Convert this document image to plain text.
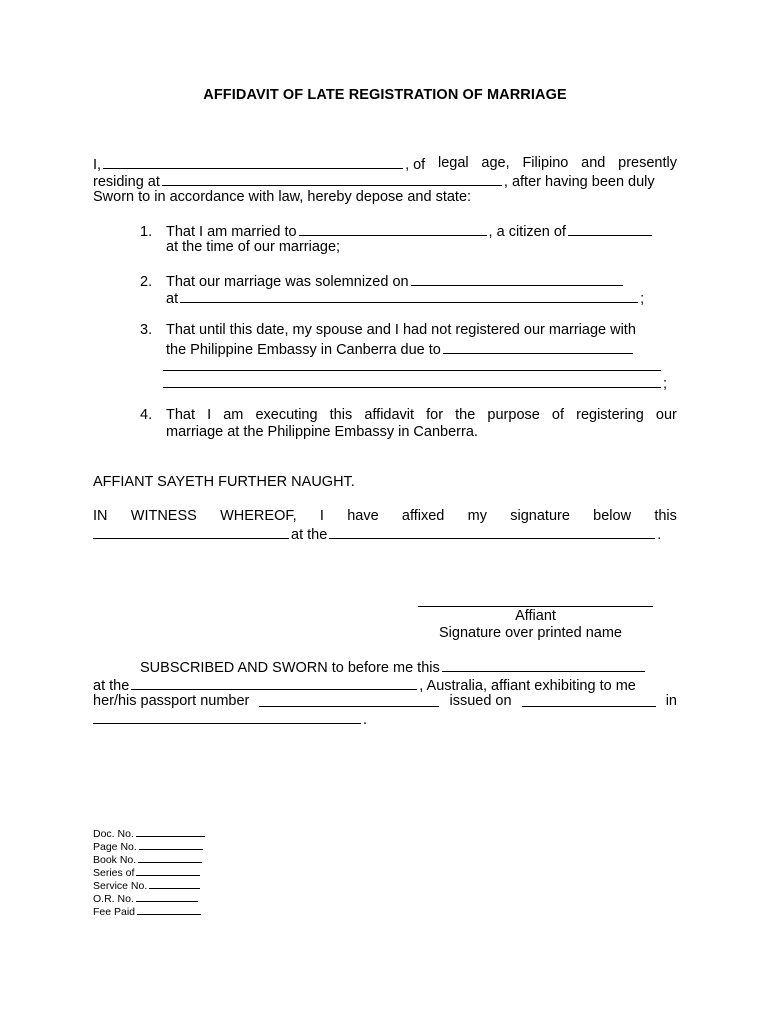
AFFIDAVIT OF LATE REGISTRATION OF MARRIAGE
I,	, of legal age, Filipino and presently
residing at	, after having been duly
Sworn to in accordance with law, hereby depose and state:
1. That I am married to	, a citizen of
at the time of our marriage;
2. That our marriage was solemnized on
at	;
3. That until this date, my spouse and I had not registered our marriage with
the Philippine Embassy in Canberra due to
;
4. That I am executing this affidavit for the purpose of registering our
marriage at the Philippine Embassy in Canberra.
AFFIANT SAYETH FURTHER NAUGHT.
IN WITNESS WHEREOF, I have affixed my signature below this
at the	.
Affiant
Signature over printed name
SUBSCRIBED AND SWORN to before me this
at the	, Australia, affiant exhibiting to me
her/his passport number	issued on	in
.
Doc. No.
Page No.
Book No.
Series of
Service No.
O.R. No.
Fee Paid
